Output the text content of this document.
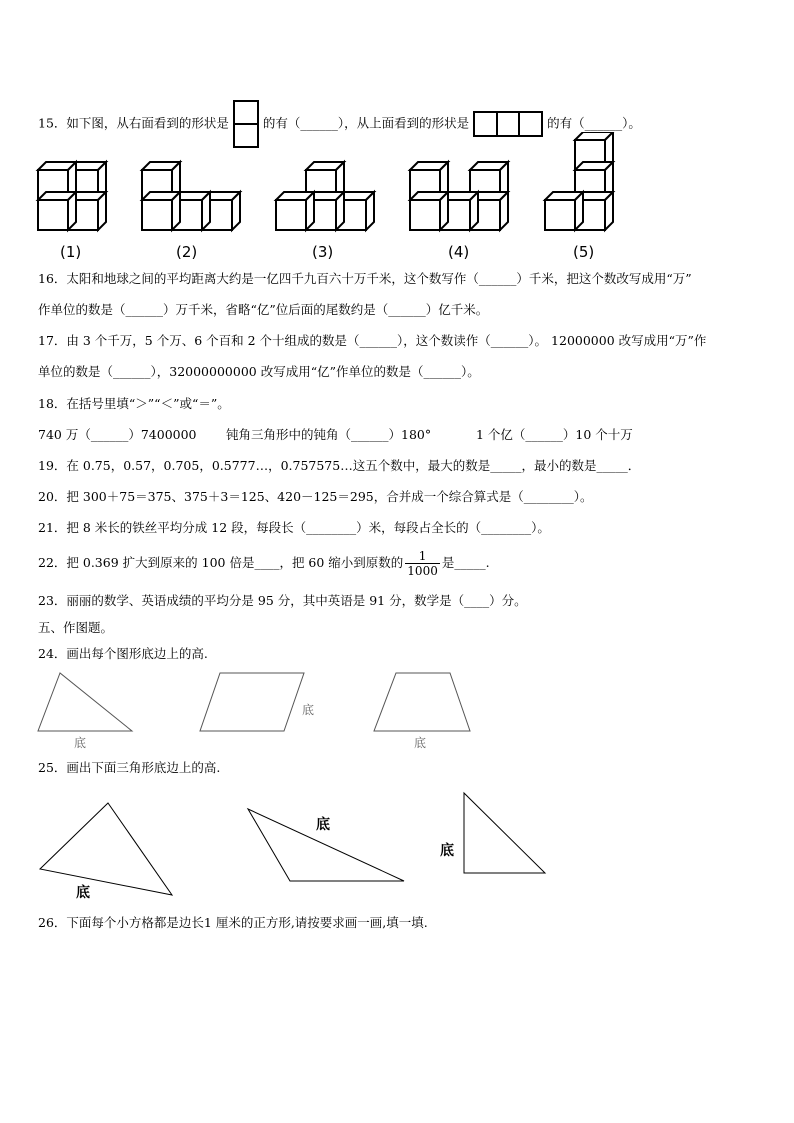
15．如下图，从右面看到的形状是	的有（______），从上面看到的形状是	的有（______）。
(1)	(2)	(3)	(4)	(5)
16．太阳和地球之间的平均距离大约是一亿四千九百六十万千米，这个数写作（______）千米，把这个数改写成用“万”
作单位的数是（______）万千米，省略“亿”位后面的尾数约是（______）亿千米。
17．由 3 个千万，5 个万、6 个百和 2 个十组成的数是（______），这个数读作（______）。 12000000 改写成用“万”作
单位的数是（______），32000000000 改写成用“亿”作单位的数是（______）。
18．在括号里填“＞”“＜”或“＝”。
740 万（______）7400000 钝角三角形中的钝角（______）180°	1 个亿（______）10 个十万
19．在 0.75，0.57，0.705，0.5777…，0.757575…这五个数中，最大的数是_____，最小的数是_____．
20．把 300＋75＝375、375＋3＝125、420－125＝295，合并成一个综合算式是（________）。
21．把 8 米长的铁丝平均分成 12 段，每段长（________）米，每段占全长的（________）。
22．把 0.369 扩大到原来的 100 倍是____，把 60 缩小到原数的 $\frac{1}{1000}$ 是_____.
23．丽丽的数学、英语成绩的平均分是 95 分，其中英语是 91 分，数学是（____）分。
五、作图题。
24．画出每个图形底边上的高.
底
底
底
25．画出下面三角形底边上的高.
底
底
底
26．下面每个小方格都是边长1 厘米的正方形,请按要求画一画,填一填.
